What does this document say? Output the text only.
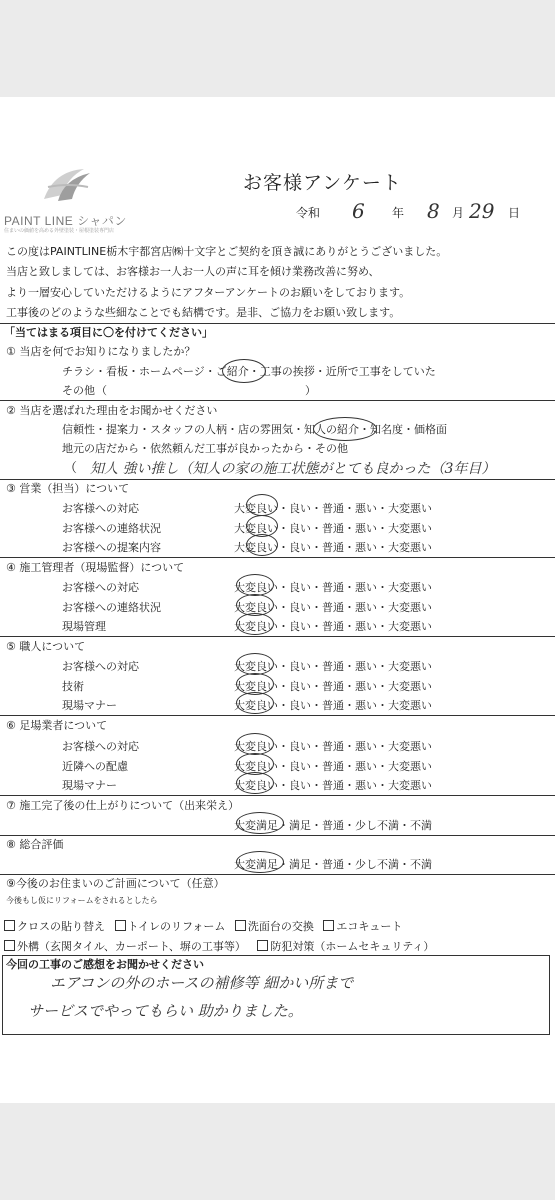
PAINT LINE シャパン
住まいの価値を高める外壁塗装・屋根塗装専門店
お客様アンケート
令和 6 年 8 月 29 日
この度はPAINTLINE栃木宇都宮店㈱十文字とご契約を頂き誠にありがとうございました。
当店と致しましては、お客様お一人お一人の声に耳を傾け業務改善に努め、
より一層安心していただけるようにアフターアンケートのお願いをしております。
工事後のどのような些細なことでも結構です。是非、ご協力をお願い致します。
「当てはまる項目に〇を付けてください」
① 当店を何でお知りになりましたか？
チラシ・看板・ホームページ・ご紹介・工事の挨拶・近所で工事をしていた
その他 （　　　　　　　　　　　　　　　　　　）
② 当店を選ばれた理由をお聞かせください
信頼性・提案力・スタッフの人柄・店の雰囲気・知人の紹介・知名度・価格面
地元の店だから・依然頼んだ工事が良かったから・その他
（ 知人 強い推し（知人の家の施工状態がとても良かった（3年目）
③ 営業（担当）について
お客様への対応	大変良い・良い・普通・悪い・大変悪い
お客様への連絡状況	大変良い・良い・普通・悪い・大変悪い
お客様への提案内容	大変良い・良い・普通・悪い・大変悪い
④ 施工管理者（現場監督）について
お客様への対応	大変良い・良い・普通・悪い・大変悪い
お客様への連絡状況	大変良い・良い・普通・悪い・大変悪い
現場管理	大変良い・良い・普通・悪い・大変悪い
⑤ 職人について
お客様への対応	大変良い・良い・普通・悪い・大変悪い
技術	大変良い・良い・普通・悪い・大変悪い
現場マナー	大変良い・良い・普通・悪い・大変悪い
⑥ 足場業者について
お客様への対応	大変良い・良い・普通・悪い・大変悪い
近隣への配慮	大変良い・良い・普通・悪い・大変悪い
現場マナー	大変良い・良い・普通・悪い・大変悪い
⑦ 施工完了後の仕上がりについて（出来栄え）
大変満足・満足・普通・少し不満・不満
⑧ 総合評価
大変満足・満足・普通・少し不満・不満
⑨今後のお住まいのご計画について（任意）
今後もし仮にリフォームをされるとしたら
クロスの貼り替え トイレのリフォーム 洗面台の交換 エコキュート
外構（玄関タイル、カーポート、塀の工事等） 防犯対策（ホームセキュリティ）
今回の工事のご感想をお聞かせください
エアコンの外のホースの補修等 細かい所まで
サービスでやってもらい 助かりました。
